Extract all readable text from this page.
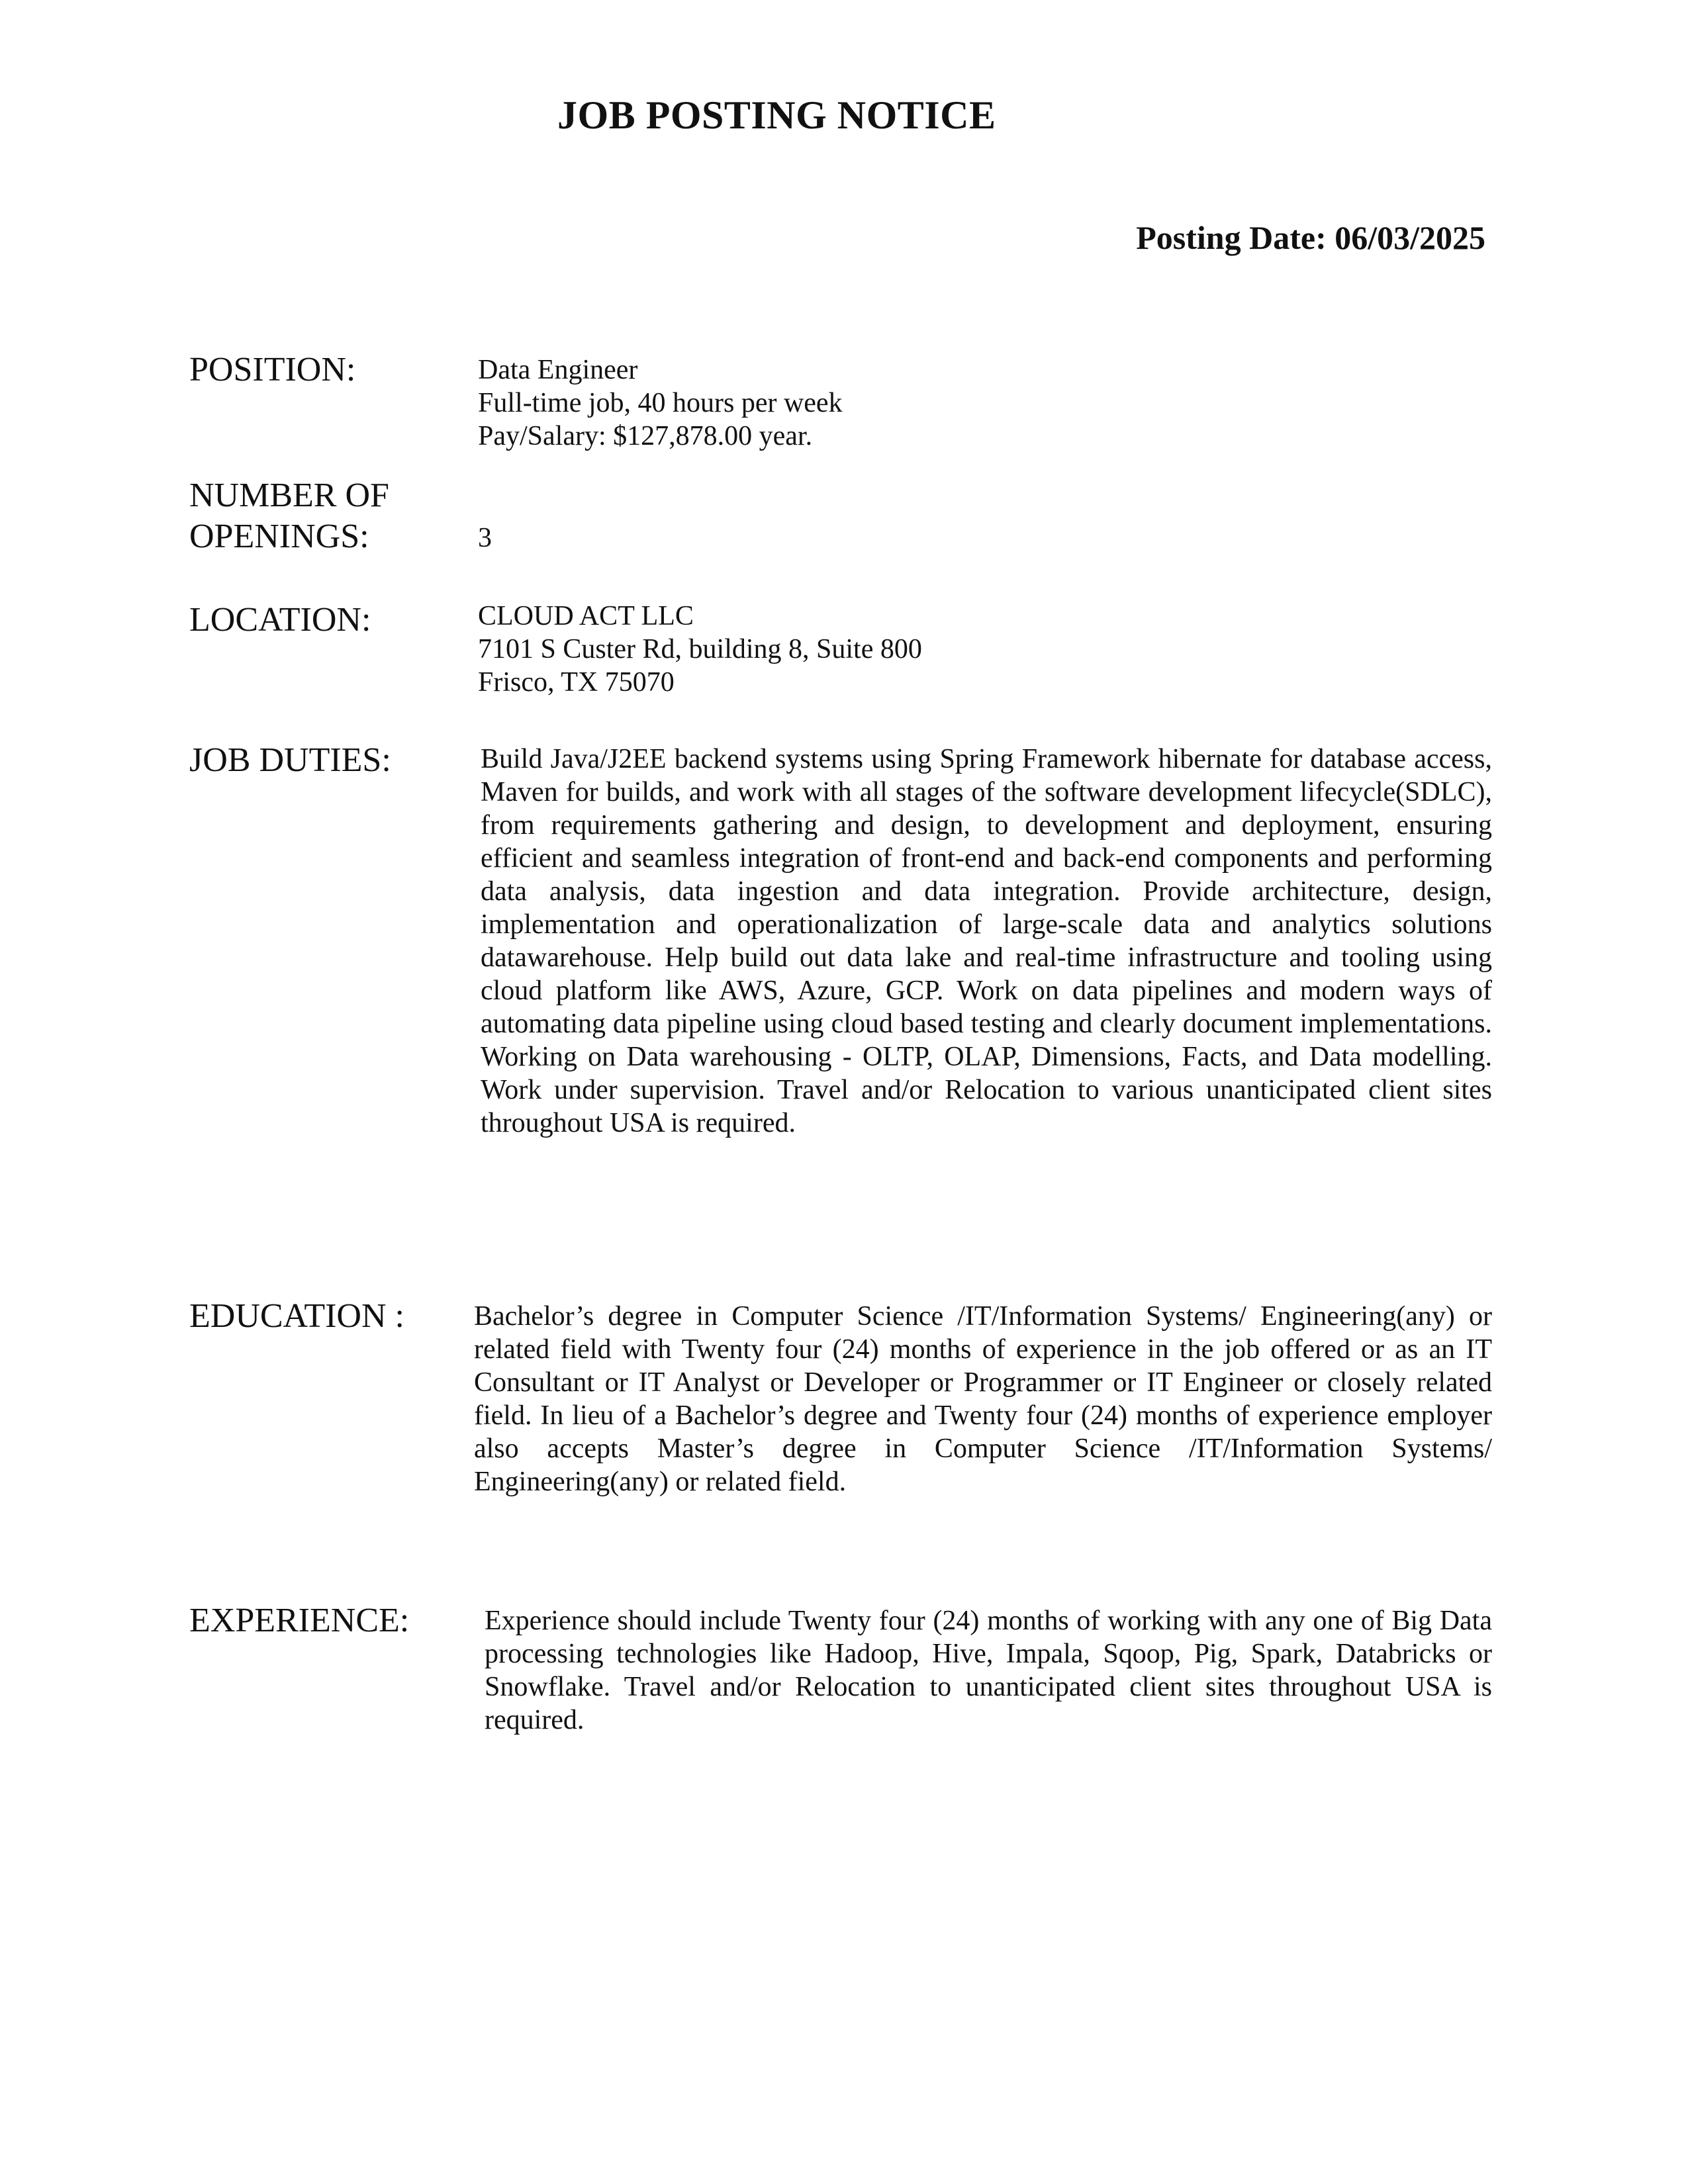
JOB POSTING NOTICE
Posting Date: 06/03/2025
POSITION:	Data Engineer
Full-time job, 40 hours per week
Pay/Salary: $127,878.00 year.
NUMBER OF
OPENINGS:	3
LOCATION:	CLOUD ACT LLC
7101 S Custer Rd, building 8, Suite 800
Frisco, TX 75070
JOB DUTIES:	Build Java/J2EE backend systems using Spring Framework hibernate for database access, Maven for builds, and work with all stages of the software development lifecycle(SDLC), from requirements gathering and design, to development and deployment, ensuring efficient and seamless integration of front-end and back-end components and performing data analysis, data ingestion and data integration. Provide architecture, design, implementation and operationalization of large-scale data and analytics solutions datawarehouse. Help build out data lake and real-time infrastructure and tooling using cloud platform like AWS, Azure, GCP. Work on data pipelines and modern ways of automating data pipeline using cloud based testing and clearly document implementations. Working on Data warehousing - OLTP, OLAP, Dimensions, Facts, and Data modelling. Work under supervision. Travel and/or Relocation to various unanticipated client sites throughout USA is required.
EDUCATION :	Bachelor’s degree in Computer Science /IT/Information Systems/ Engineering(any) or related field with Twenty four (24) months of experience in the job offered or as an IT Consultant or IT Analyst or Developer or Programmer or IT Engineer or closely related field. In lieu of a Bachelor’s degree and Twenty four (24) months of experience employer also accepts Master’s degree in Computer Science /IT/Information Systems/ Engineering(any) or related field.
EXPERIENCE:	Experience should include Twenty four (24) months of working with any one of Big Data processing technologies like Hadoop, Hive, Impala, Sqoop, Pig, Spark, Databricks or Snowflake. Travel and/or Relocation to unanticipated client sites throughout USA is required.
